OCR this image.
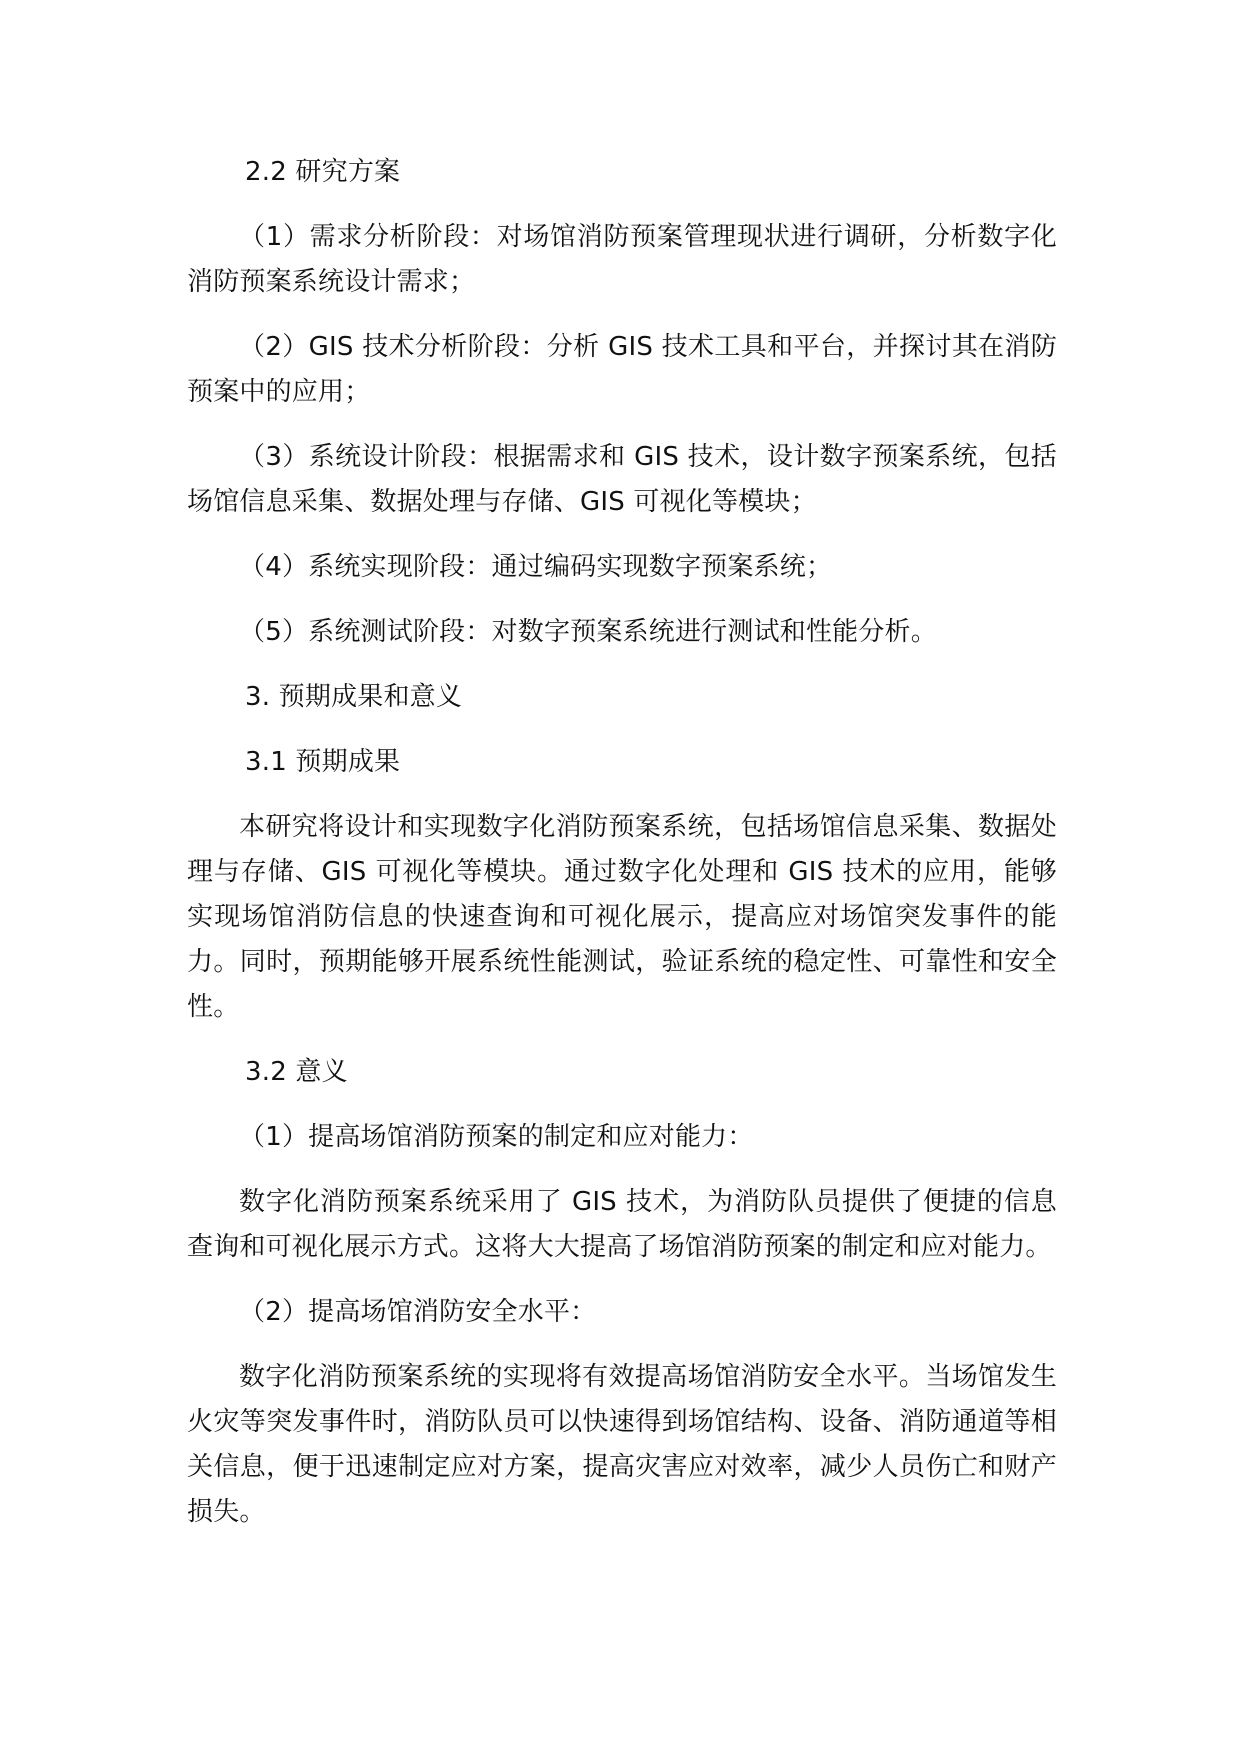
2.2 研究方案

（1）需求分析阶段：对场馆消防预案管理现状进行调研，分析数字化消防预案系统设计需求；

（2）GIS 技术分析阶段：分析 GIS 技术工具和平台，并探讨其在消防预案中的应用；

（3）系统设计阶段：根据需求和 GIS 技术，设计数字预案系统，包括场馆信息采集、数据处理与存储、GIS 可视化等模块；

（4）系统实现阶段：通过编码实现数字预案系统；

（5）系统测试阶段：对数字预案系统进行测试和性能分析。

3. 预期成果和意义
3.1 预期成果

本研究将设计和实现数字化消防预案系统，包括场馆信息采集、数据处理与存储、GIS 可视化等模块。通过数字化处理和 GIS 技术的应用，能够实现场馆消防信息的快速查询和可视化展示，提高应对场馆突发事件的能力。同时，预期能够开展系统性能测试，验证系统的稳定性、可靠性和安全性。

3.2 意义

（1）提高场馆消防预案的制定和应对能力：

数字化消防预案系统采用了 GIS 技术，为消防队员提供了便捷的信息查询和可视化展示方式。这将大大提高了场馆消防预案的制定和应对能力。

（2）提高场馆消防安全水平：

数字化消防预案系统的实现将有效提高场馆消防安全水平。当场馆发生火灾等突发事件时，消防队员可以快速得到场馆结构、设备、消防通道等相关信息，便于迅速制定应对方案，提高灾害应对效率，减少人员伤亡和财产损失。
